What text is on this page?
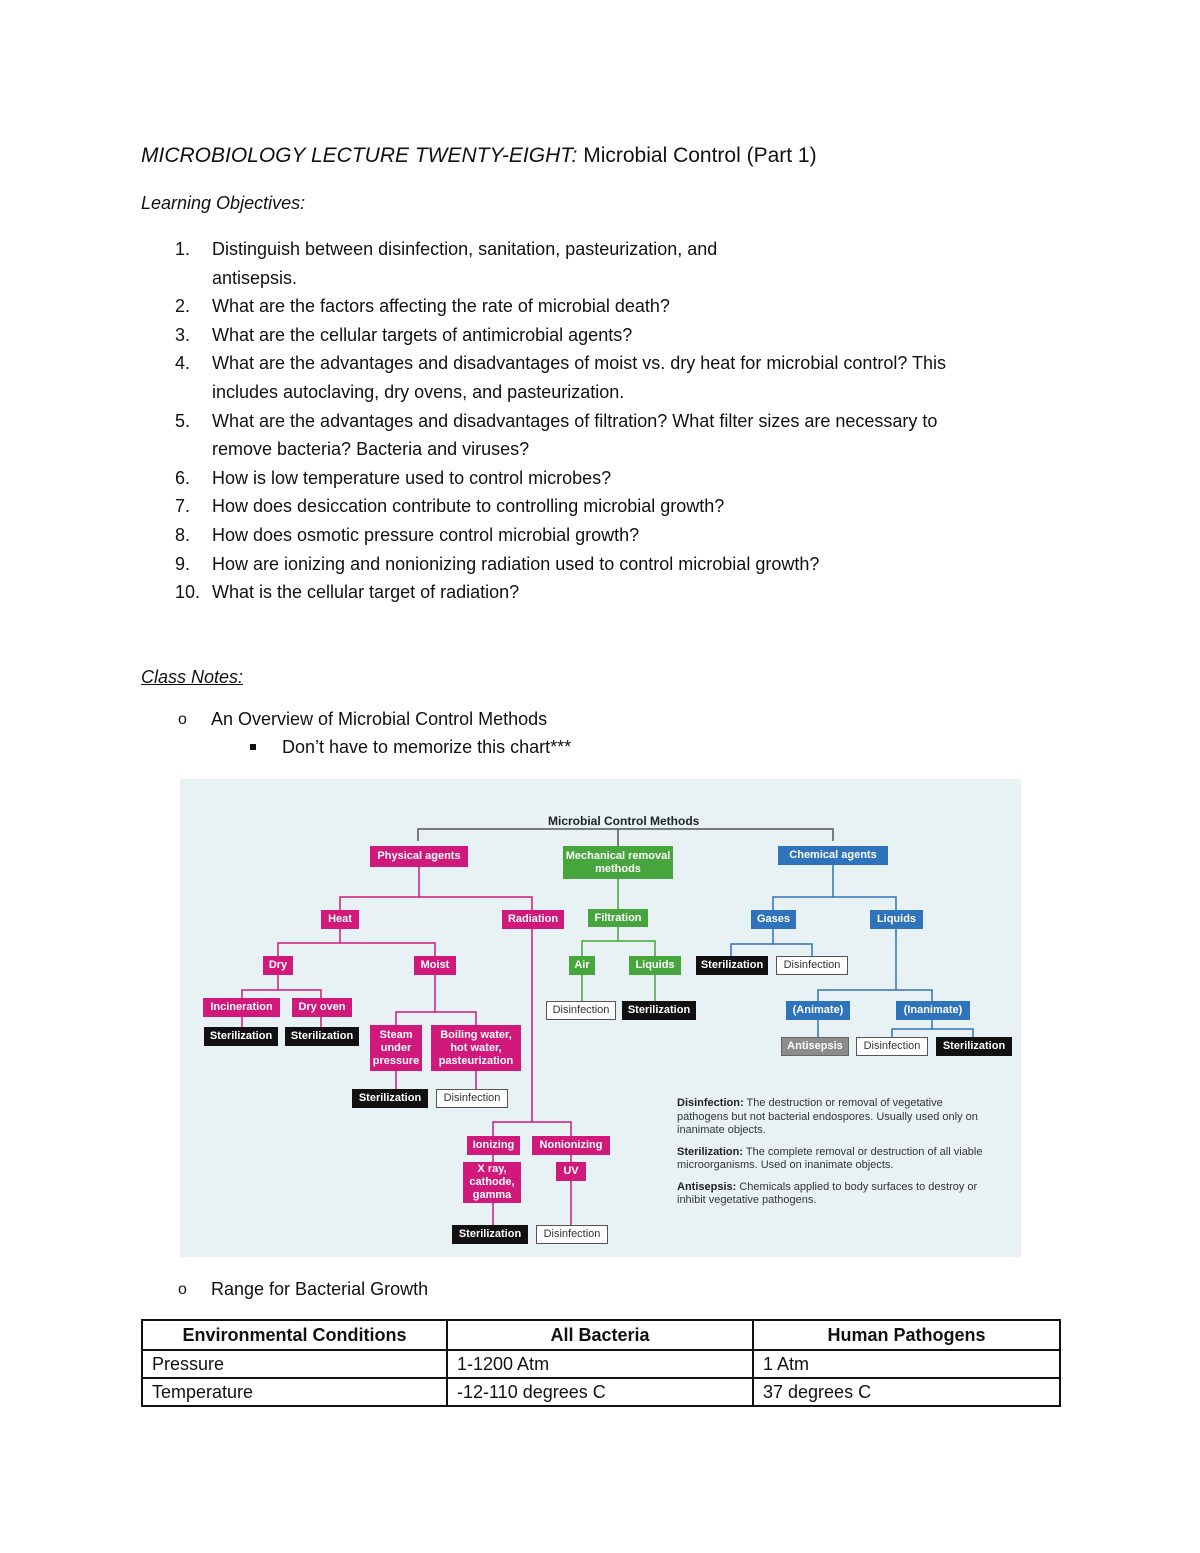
MICROBIOLOGY LECTURE TWENTY-EIGHT: Microbial Control (Part 1)
Learning Objectives:
1. Distinguish between disinfection, sanitation, pasteurization, and
antisepsis.
2. What are the factors affecting the rate of microbial death?
3. What are the cellular targets of antimicrobial agents?
4. What are the advantages and disadvantages of moist vs. dry heat for microbial control? This
includes autoclaving, dry ovens, and pasteurization.
5. What are the advantages and disadvantages of filtration? What filter sizes are necessary to
remove bacteria? Bacteria and viruses?
6. How is low temperature used to control microbes?
7. How does desiccation contribute to controlling microbial growth?
8. How does osmotic pressure control microbial growth?
9. How are ionizing and nonionizing radiation used to control microbial growth?
10. What is the cellular target of radiation?
Class Notes:
o An Overview of Microbial Control Methods
Don’t have to memorize this chart***
Microbial Control Methods
Physical agents	Mechanical removal methods
Chemical agents
Heat	Radiation	Filtration	Gases	Liquids
Dry	Moist	Air	Liquids	Sterilization	Disinfection
Incineration	Dry oven	Disinfection	Sterilization	(Animate)	(Inanimate)
Sterilization	Sterilization	Steam under pressure
Boiling water, hot water, pasteurization
Antisepsis	Disinfection	Sterilization
Sterilization	Disinfection
Ionizing	Nonionizing
X ray, cathode, gamma
UV
Sterilization	Disinfection

Disinfection: The destruction or removal of vegetative pathogens but not bacterial endospores. Usually used only on inanimate objects.

Sterilization: The complete removal or destruction of all viable microorganisms. Used on inanimate objects.

Antisepsis: Chemicals applied to body surfaces to destroy or inhibit vegetative pathogens.

o Range for Bacterial Growth
Environmental Conditions	All Bacteria	Human Pathogens
Pressure	1-1200 Atm	1 Atm
Temperature	-12-110 degrees C	37 degrees C
